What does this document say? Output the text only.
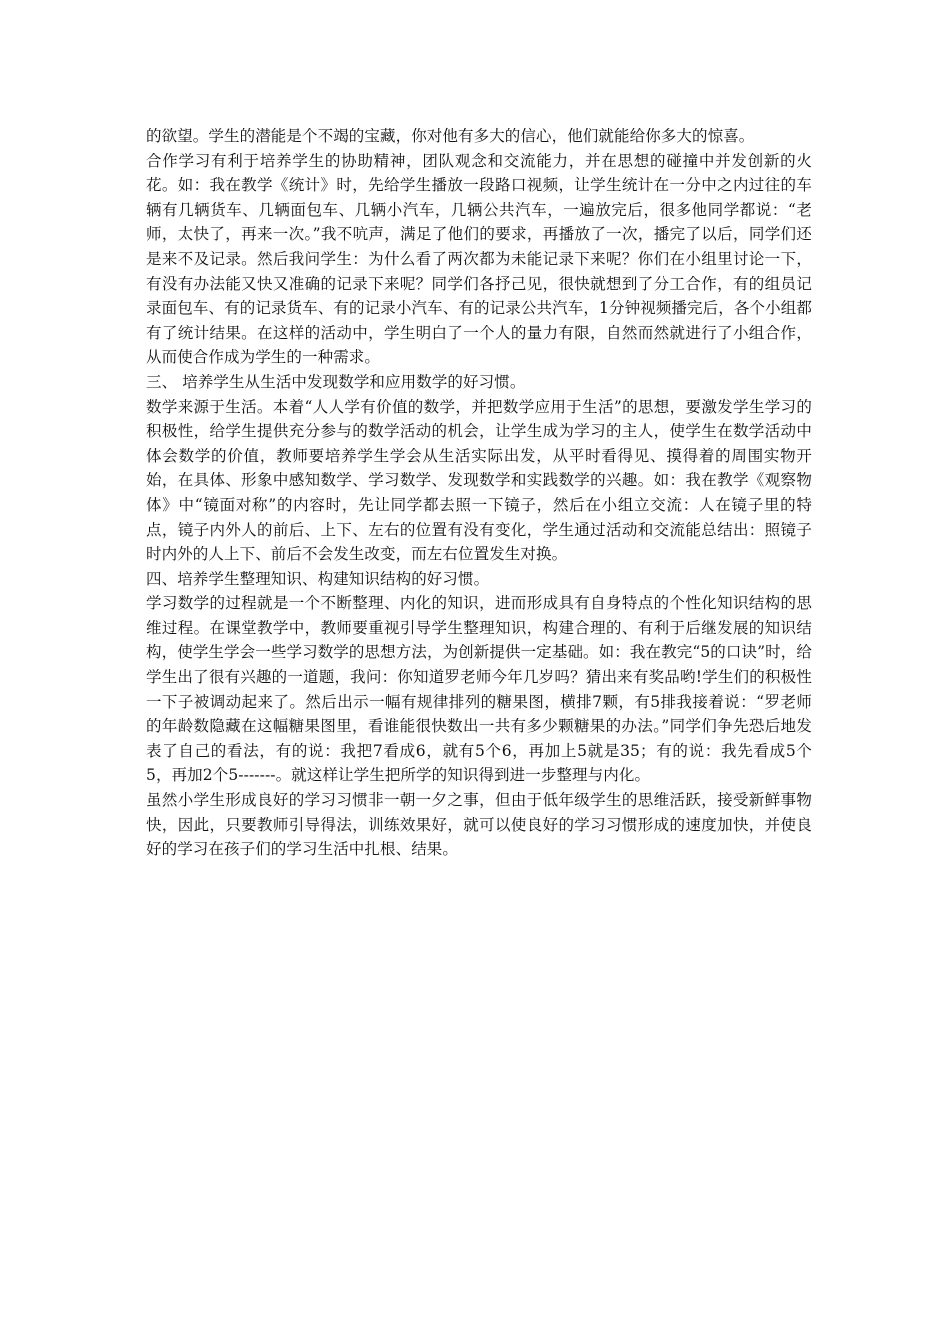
的欲望。学生的潜能是个不竭的宝藏，你对他有多大的信心，他们就能给你多大的惊喜。

合作学习有利于培养学生的协助精神，团队观念和交流能力，并在思想的碰撞中并发创新的火花。如：我在教学《统计》时，先给学生播放一段路口视频，让学生统计在一分中之内过往的车辆有几辆货车、几辆面包车、几辆小汽车，几辆公共汽车，一遍放完后，很多他同学都说：“老师，太快了，再来一次。”我不吭声，满足了他们的要求，再播放了一次，播完了以后，同学们还是来不及记录。然后我问学生：为什么看了两次都为未能记录下来呢？你们在小组里讨论一下，有没有办法能又快又准确的记录下来呢？同学们各抒己见，很快就想到了分工合作，有的组员记录面包车、有的记录货车、有的记录小汽车、有的记录公共汽车，1分钟视频播完后，各个小组都有了统计结果。在这样的活动中，学生明白了一个人的量力有限，自然而然就进行了小组合作，从而使合作成为学生的一种需求。

三、 培养学生从生活中发现数学和应用数学的好习惯。

数学来源于生活。本着“人人学有价值的数学，并把数学应用于生活”的思想，要激发学生学习的积极性，给学生提供充分参与的数学活动的机会，让学生成为学习的主人，使学生在数学活动中体会数学的价值，教师要培养学生学会从生活实际出发，从平时看得见、摸得着的周围实物开始，在具体、形象中感知数学、学习数学、发现数学和实践数学的兴趣。如：我在教学《观察物体》中“镜面对称”的内容时，先让同学都去照一下镜子，然后在小组立交流：人在镜子里的特点，镜子内外人的前后、上下、左右的位置有没有变化，学生通过活动和交流能总结出：照镜子时内外的人上下、前后不会发生改变，而左右位置发生对换。

四、培养学生整理知识、构建知识结构的好习惯。

学习数学的过程就是一个不断整理、内化的知识，进而形成具有自身特点的个性化知识结构的思维过程。在课堂教学中，教师要重视引导学生整理知识，构建合理的、有利于后继发展的知识结构，使学生学会一些学习数学的思想方法，为创新提供一定基础。如：我在教完“5的口诀”时，给学生出了很有兴趣的一道题，我问：你知道罗老师今年几岁吗？猜出来有奖品哟!学生们的积极性一下子被调动起来了。然后出示一幅有规律排列的糖果图，横排7颗，有5排我接着说：“罗老师的年龄数隐藏在这幅糖果图里，看谁能很快数出一共有多少颗糖果的办法。”同学们争先恐后地发表了自己的看法，有的说：我把7看成6，就有5个6，再加上5就是35；有的说：我先看成5个5，再加2个5-------。就这样让学生把所学的知识得到进一步整理与内化。

虽然小学生形成良好的学习习惯非一朝一夕之事，但由于低年级学生的思维活跃，接受新鲜事物快，因此，只要教师引导得法，训练效果好，就可以使良好的学习习惯形成的速度加快，并使良好的学习在孩子们的学习生活中扎根、结果。
